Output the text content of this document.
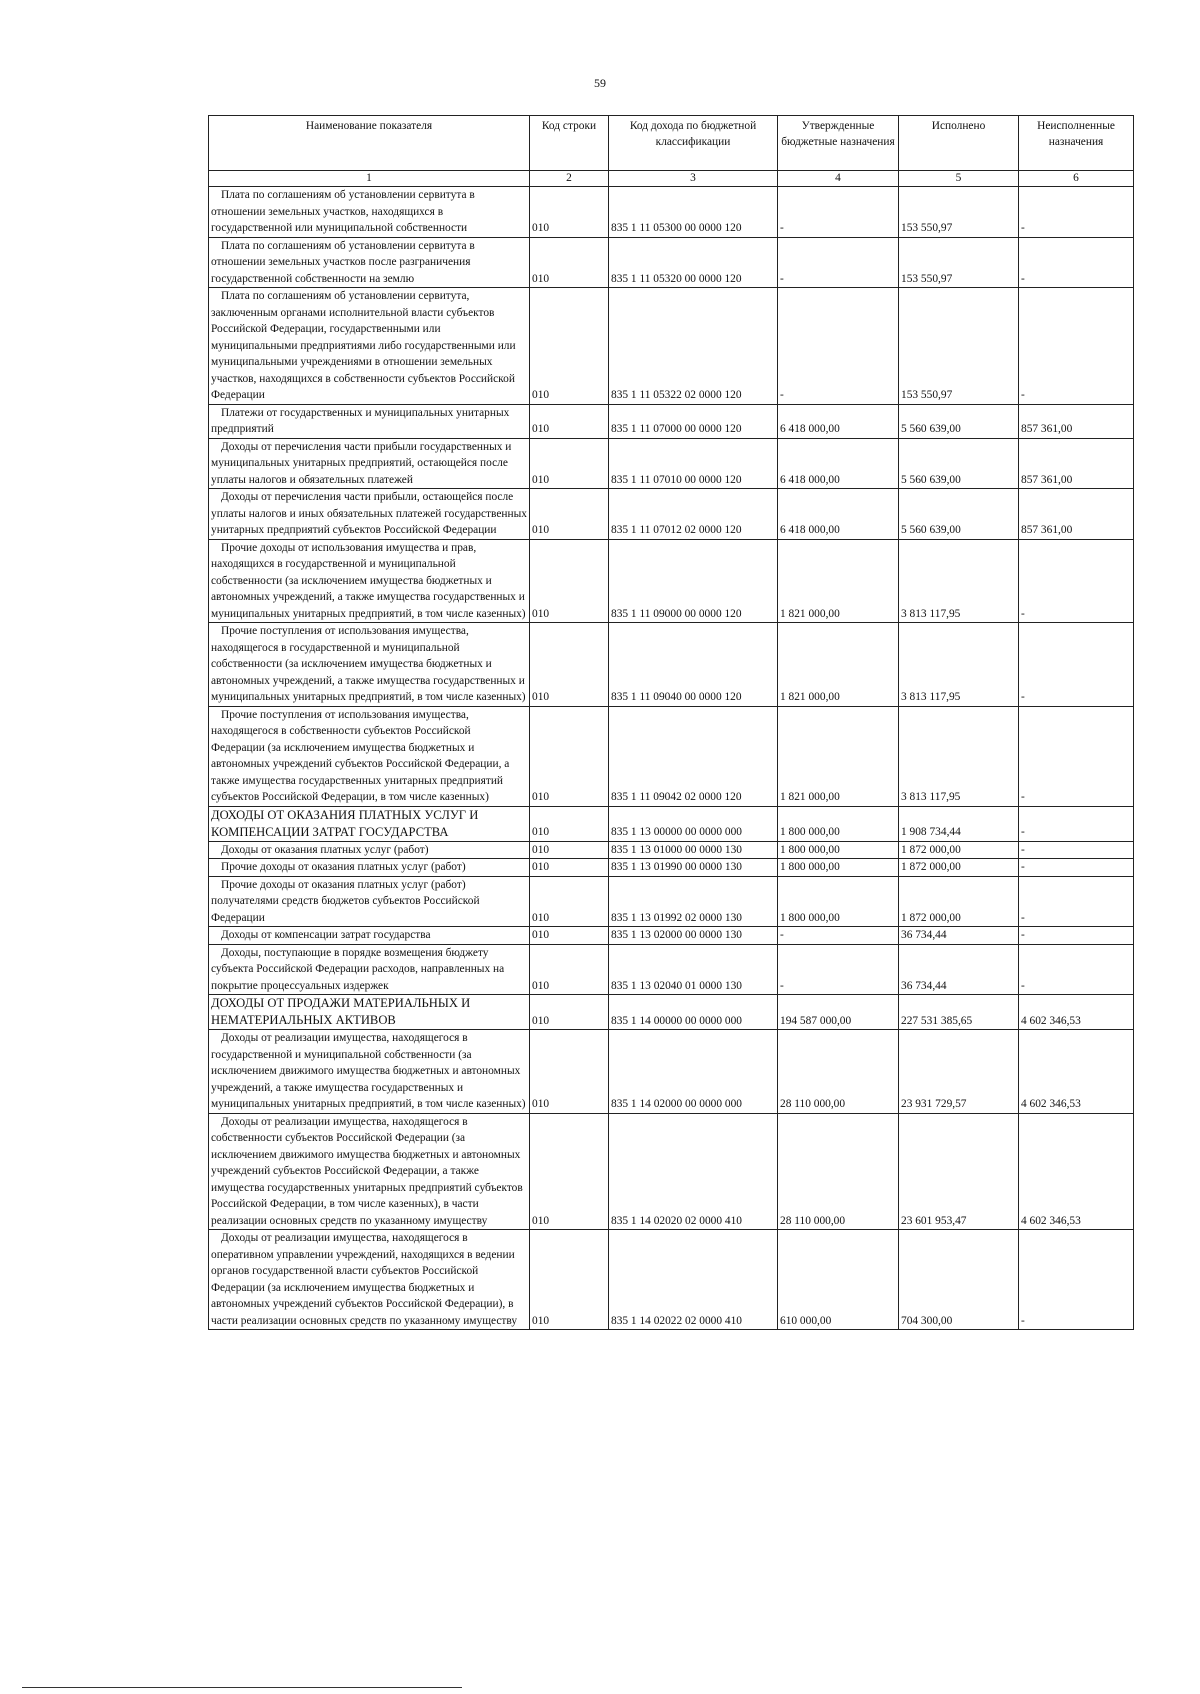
59
Наименование показателя	Код строки	Код дохода по бюджетной классификации	Утвержденные бюджетные назначения	Исполнено	Неисполненные назначения
1	2	3	4	5	6
Плата по соглашениям об установлении сервитута в отношении земельных участков, находящихся в государственной или муниципальной собственности	010	835 1 11 05300 00 0000 120	-	153 550,97	-
Плата по соглашениям об установлении сервитута в отношении земельных участков после разграничения государственной собственности на землю	010	835 1 11 05320 00 0000 120	-	153 550,97	-
Плата по соглашениям об установлении сервитута, заключенным органами исполнительной власти субъектов Российской Федерации, государственными или муниципальными предприятиями либо государственными или муниципальными учреждениями в отношении земельных участков, находящихся в собственности субъектов Российской Федерации	010	835 1 11 05322 02 0000 120	-	153 550,97	-
Платежи от государственных и муниципальных унитарных предприятий	010	835 1 11 07000 00 0000 120	6 418 000,00	5 560 639,00	857 361,00
Доходы от перечисления части прибыли государственных и муниципальных унитарных предприятий, остающейся после уплаты налогов и обязательных платежей	010	835 1 11 07010 00 0000 120	6 418 000,00	5 560 639,00	857 361,00
Доходы от перечисления части прибыли, остающейся после уплаты налогов и иных обязательных платежей государственных унитарных предприятий субъектов Российской Федерации	010	835 1 11 07012 02 0000 120	6 418 000,00	5 560 639,00	857 361,00
Прочие доходы от использования имущества и прав, находящихся в государственной и муниципальной собственности (за исключением имущества бюджетных и автономных учреждений, а также имущества государственных и муниципальных унитарных предприятий, в том числе казенных)	010	835 1 11 09000 00 0000 120	1 821 000,00	3 813 117,95	-
Прочие поступления от использования имущества, находящегося в государственной и муниципальной собственности (за исключением имущества бюджетных и автономных учреждений, а также имущества государственных и муниципальных унитарных предприятий, в том числе казенных)	010	835 1 11 09040 00 0000 120	1 821 000,00	3 813 117,95	-
Прочие поступления от использования имущества, находящегося в собственности субъектов Российской Федерации (за исключением имущества бюджетных и автономных учреждений субъектов Российской Федерации, а также имущества государственных унитарных предприятий субъектов Российской Федерации, в том числе казенных)	010	835 1 11 09042 02 0000 120	1 821 000,00	3 813 117,95	-
ДОХОДЫ ОТ ОКАЗАНИЯ ПЛАТНЫХ УСЛУГ И КОМПЕНСАЦИИ ЗАТРАТ ГОСУДАРСТВА	010	835 1 13 00000 00 0000 000	1 800 000,00	1 908 734,44	-
Доходы от оказания платных услуг (работ)	010	835 1 13 01000 00 0000 130	1 800 000,00	1 872 000,00	-
Прочие доходы от оказания платных услуг (работ)	010	835 1 13 01990 00 0000 130	1 800 000,00	1 872 000,00	-
Прочие доходы от оказания платных услуг (работ) получателями средств бюджетов субъектов Российской Федерации	010	835 1 13 01992 02 0000 130	1 800 000,00	1 872 000,00	-
Доходы от компенсации затрат государства	010	835 1 13 02000 00 0000 130	-	36 734,44	-
Доходы, поступающие в порядке возмещения бюджету субъекта Российской Федерации расходов, направленных на покрытие процессуальных издержек	010	835 1 13 02040 01 0000 130	-	36 734,44	-
ДОХОДЫ ОТ ПРОДАЖИ МАТЕРИАЛЬНЫХ И НЕМАТЕРИАЛЬНЫХ АКТИВОВ	010	835 1 14 00000 00 0000 000	194 587 000,00	227 531 385,65	4 602 346,53
Доходы от реализации имущества, находящегося в государственной и муниципальной собственности (за исключением движимого имущества бюджетных и автономных учреждений, а также имущества государственных и муниципальных унитарных предприятий, в том числе казенных)	010	835 1 14 02000 00 0000 000	28 110 000,00	23 931 729,57	4 602 346,53
Доходы от реализации имущества, находящегося в собственности субъектов Российской Федерации (за исключением движимого имущества бюджетных и автономных учреждений субъектов Российской Федерации, а также имущества государственных унитарных предприятий субъектов Российской Федерации, в том числе казенных), в части реализации основных средств по указанному имуществу	010	835 1 14 02020 02 0000 410	28 110 000,00	23 601 953,47	4 602 346,53
Доходы от реализации имущества, находящегося в оперативном управлении учреждений, находящихся в ведении органов государственной власти субъектов Российской Федерации (за исключением имущества бюджетных и автономных учреждений субъектов Российской Федерации), в части реализации основных средств по указанному имуществу	010	835 1 14 02022 02 0000 410	610 000,00	704 300,00	-
